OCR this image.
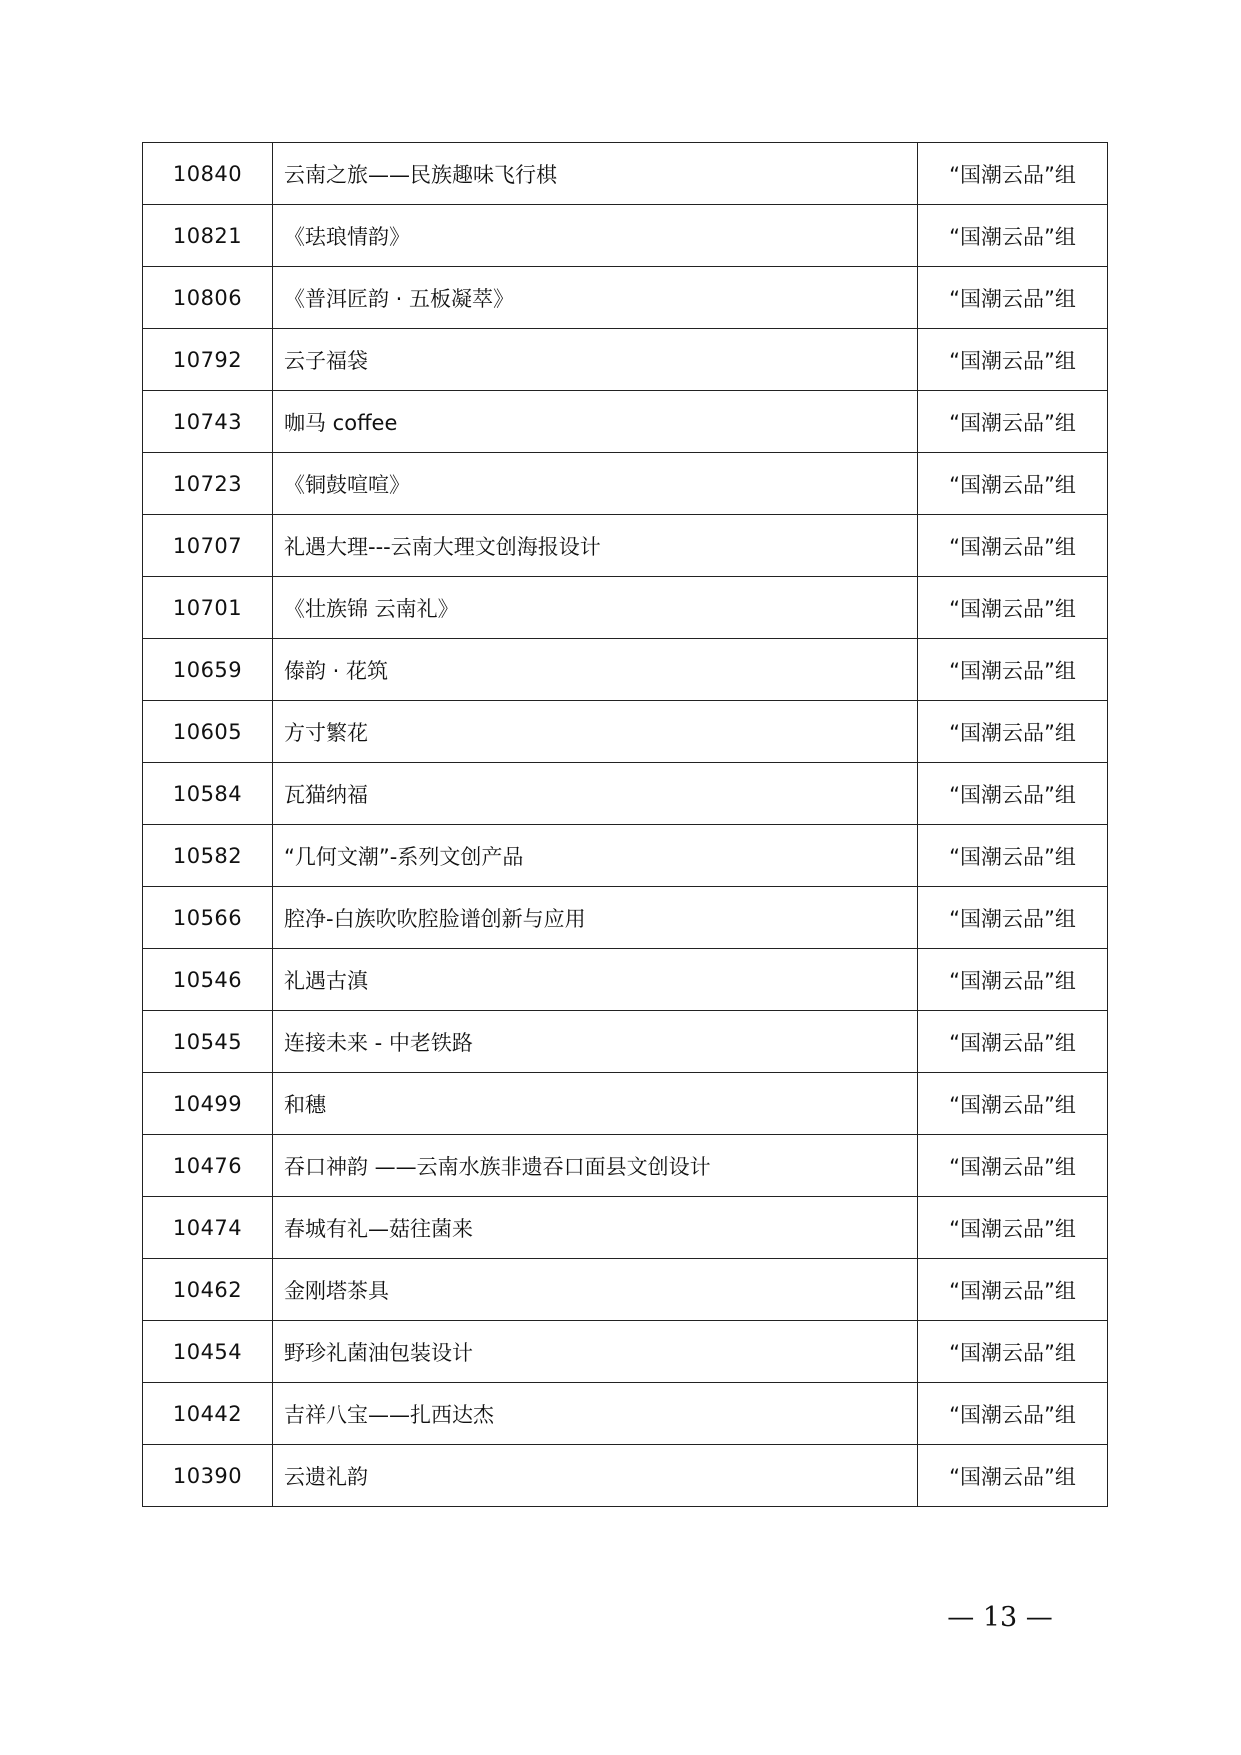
10840	云南之旅——民族趣味飞行棋	“国潮云品”组
10821	《珐琅情韵》	“国潮云品”组
10806	《普洱匠韵 · 五板凝萃》	“国潮云品”组
10792	云子福袋	“国潮云品”组
10743	咖马 coffee	“国潮云品”组
10723	《铜鼓喧喧》	“国潮云品”组
10707	礼遇大理---云南大理文创海报设计	“国潮云品”组
10701	《壮族锦 云南礼》	“国潮云品”组
10659	傣韵 · 花筑	“国潮云品”组
10605	方寸繁花	“国潮云品”组
10584	瓦猫纳福	“国潮云品”组
10582	“几何文潮”-系列文创产品	“国潮云品”组
10566	腔净-白族吹吹腔脸谱创新与应用	“国潮云品”组
10546	礼遇古滇	“国潮云品”组
10545	连接未来 - 中老铁路	“国潮云品”组
10499	和穗	“国潮云品”组
10476	吞口神韵 ——云南水族非遗吞口面县文创设计	“国潮云品”组
10474	春城有礼—菇往菌来	“国潮云品”组
10462	金刚塔茶具	“国潮云品”组
10454	野珍礼菌油包装设计	“国潮云品”组
10442	吉祥八宝——扎西达杰	“国潮云品”组
10390	云遗礼韵	“国潮云品”组
— 13 —
